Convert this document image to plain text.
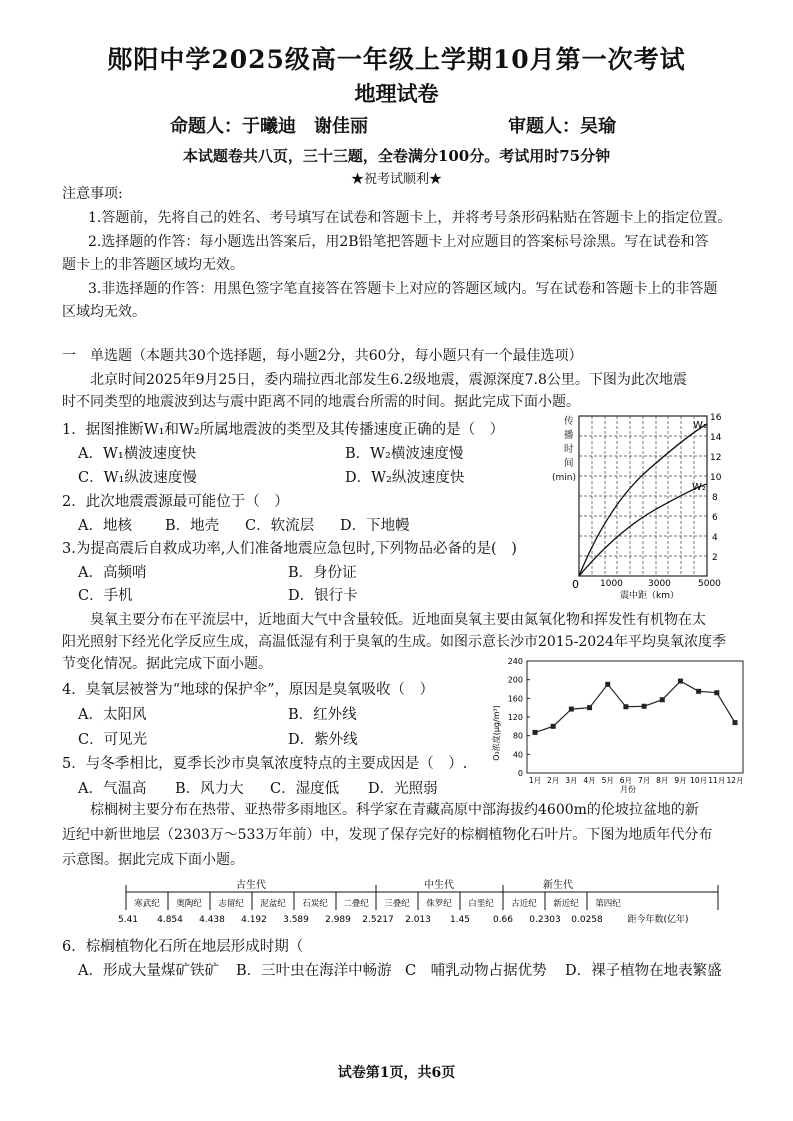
郧阳中学2025级高一年级上学期10月第一次考试
地理试卷
命题人：于曦迪　谢佳丽	审题人：吴瑜
本试题卷共八页，三十三题，全卷满分100分。考试用时75分钟
★祝考试顺利★
注意事项:
1.答题前，先将自己的姓名、考号填写在试卷和答题卡上，并将考号条形码粘贴在答题卡上的指定位置。
2.选择题的作答：每小题选出答案后，用2B铅笔把答题卡上对应题目的答案标号涂黑。写在试卷和答
题卡上的非答题区域均无效。
3.非选择题的作答：用黑色签字笔直接答在答题卡上对应的答题区域内。写在试卷和答题卡上的非答题
区域均无效。
一　单选题（本题共30个选择题，每小题2分，共60分，每小题只有一个最佳选项）
北京时间2025年9月25日，委内瑞拉西北部发生6.2级地震，震源深度7.8公里。下图为此次地震
时不同类型的地震波到达与震中距离不同的地震台所需的时间。据此完成下面小题。
1．据图推断W₁和W₂所属地震波的类型及其传播速度正确的是（　）
A．W₁横波速度快	B．W₂横波速度慢
C．W₁纵波速度慢	D．W₂纵波速度快
2．此次地震震源最可能位于（　）
A．地核 B．地壳 C．软流层 D．下地幔
3.为提高震后自救成功率,人们准备地震应急包时,下列物品必备的是(　)
A．高频哨	B．身份证
C．手机	D．银行卡
传
播
时
间
(min)
W₁
W₂
2
4
6
8
10
12
14
16
0 1000	3000	5000
震中距（km）
臭氧主要分布在平流层中，近地面大气中含量较低。近地面臭氧主要由氮氧化物和挥发性有机物在太
阳光照射下经光化学反应生成，高温低湿有利于臭氧的生成。如图示意长沙市2015-2024年平均臭氧浓度季
节变化情况。据此完成下面小题。
4．臭氧层被誉为“地球的保护伞”，原因是臭氧吸收（　）
A．太阳风	B．红外线
C．可见光	D．紫外线
5．与冬季相比，夏季长沙市臭氧浓度特点的主要成因是（　）.
A．气温高 B．风力大 C．湿度低 D．光照弱
0
40
80
120
160
200
240
1月 2月 3月 4月 5月 6月 7月 8月 9月 10月 11月 12月
O₃浓度(μg/m³)
月份
棕榈树主要分布在热带、亚热带多雨地区。科学家在青藏高原中部海拔约4600m的伦坡拉盆地的新
近纪中新世地层（2303万～533万年前）中，发现了保存完好的棕榈植物化石叶片。下图为地质年代分布
示意图。据此完成下面小题。
古生代	中生代	新生代
寒武纪 奥陶纪 志留纪 泥盆纪 石炭纪 二叠纪 三叠纪 侏罗纪 白垩纪 古近纪 新近纪 第四纪
5.41 4.854 4.438 4.192 3.589 2.989 2.5217 2.013 1.45	0.66 0.2303 0.0258	距今年数(亿年)
6．棕榈植物化石所在地层形成时期（
A．形成大量煤矿铁矿 B．三叶虫在海洋中畅游 C　哺乳动物占据优势 D．裸子植物在地表繁盛
试卷第1页，共6页
